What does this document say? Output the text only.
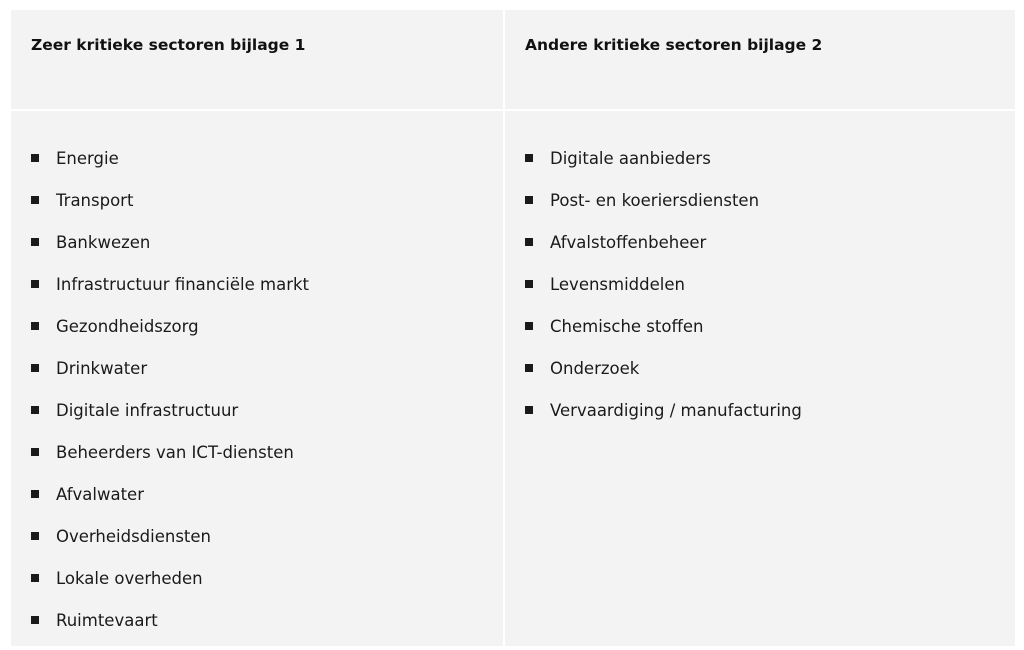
Zeer kritieke sectoren bijlage 1	Andere kritieke sectoren bijlage 2
Energie
Transport
Bankwezen
Infrastructuur financiële markt
Gezondheidszorg
Drinkwater
Digitale infrastructuur
Beheerders van ICT-diensten
Afvalwater
Overheidsdiensten
Lokale overheden
Ruimtevaart
Digitale aanbieders
Post- en koeriersdiensten
Afvalstoffenbeheer
Levensmiddelen
Chemische stoffen
Onderzoek
Vervaardiging / manufacturing
